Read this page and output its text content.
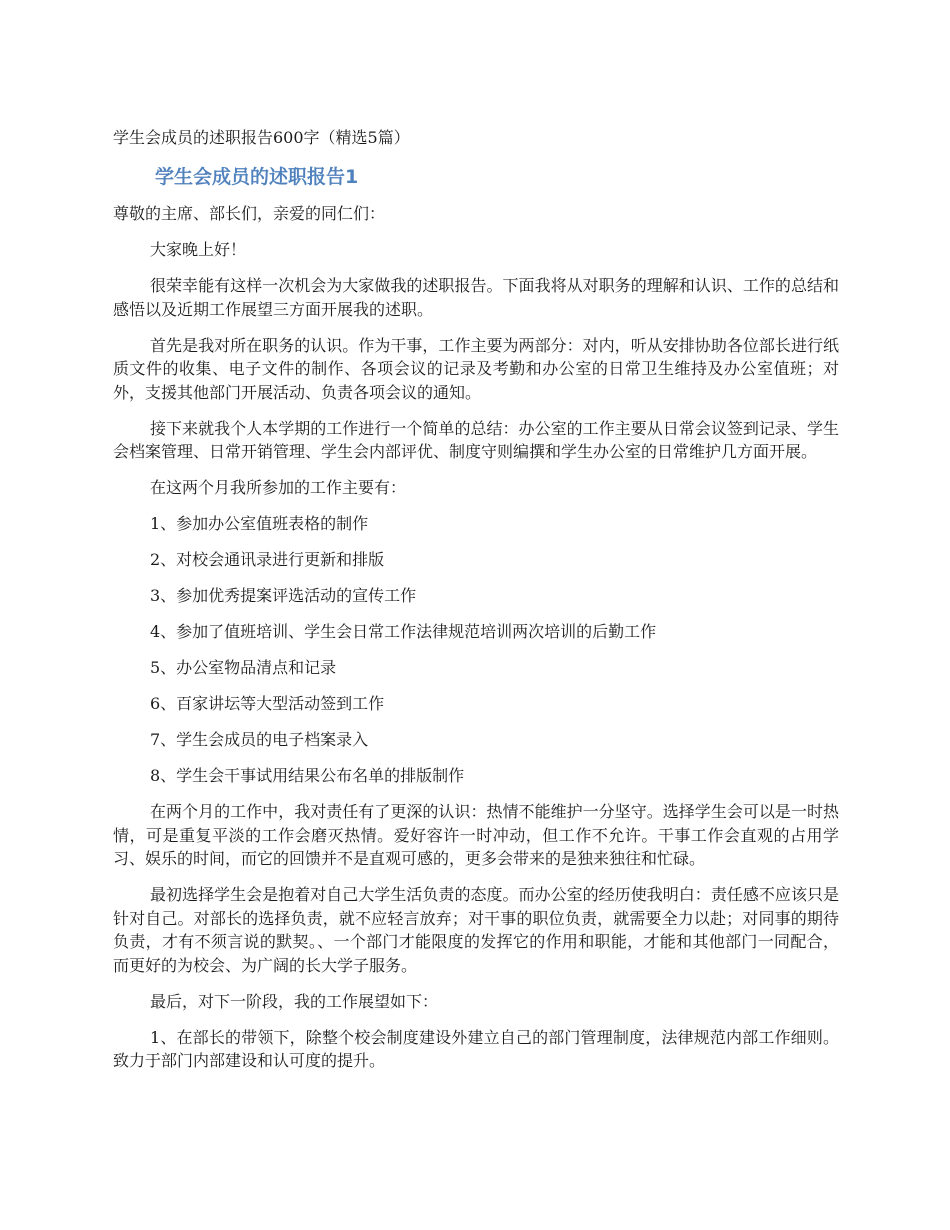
学生会成员的述职报告600字（精选5篇）
学生会成员的述职报告1

尊敬的主席、部长们，亲爱的同仁们：

大家晚上好！

很荣幸能有这样一次机会为大家做我的述职报告。下面我将从对职务的理解和认识、工作的总结和感悟以及近期工作展望三方面开展我的述职。

首先是我对所在职务的认识。作为干事，工作主要为两部分：对内，听从安排协助各位部长进行纸质文件的收集、电子文件的制作、各项会议的记录及考勤和办公室的日常卫生维持及办公室值班；对外，支援其他部门开展活动、负责各项会议的通知。

接下来就我个人本学期的工作进行一个简单的总结：办公室的工作主要从日常会议签到记录、学生会档案管理、日常开销管理、学生会内部评优、制度守则编撰和学生办公室的日常维护几方面开展。

在这两个月我所参加的工作主要有：

1、参加办公室值班表格的制作

2、对校会通讯录进行更新和排版

3、参加优秀提案评选活动的宣传工作

4、参加了值班培训、学生会日常工作法律规范培训两次培训的后勤工作

5、办公室物品清点和记录

6、百家讲坛等大型活动签到工作

7、学生会成员的电子档案录入

8、学生会干事试用结果公布名单的排版制作

在两个月的工作中，我对责任有了更深的认识：热情不能维护一分坚守。选择学生会可以是一时热情，可是重复平淡的工作会磨灭热情。爱好容许一时冲动，但工作不允许。干事工作会直观的占用学习、娱乐的时间，而它的回馈并不是直观可感的，更多会带来的是独来独往和忙碌。

最初选择学生会是抱着对自己大学生活负责的态度。而办公室的经历使我明白：责任感不应该只是针对自己。对部长的选择负责，就不应轻言放弃；对干事的职位负责，就需要全力以赴；对同事的期待负责，才有不须言说的默契。、一个部门才能限度的发挥它的作用和职能，才能和其他部门一同配合，而更好的为校会、为广阔的长大学子服务。

最后，对下一阶段，我的工作展望如下：

1、在部长的带领下，除整个校会制度建设外建立自己的部门管理制度，法律规范内部工作细则。致力于部门内部建设和认可度的提升。
